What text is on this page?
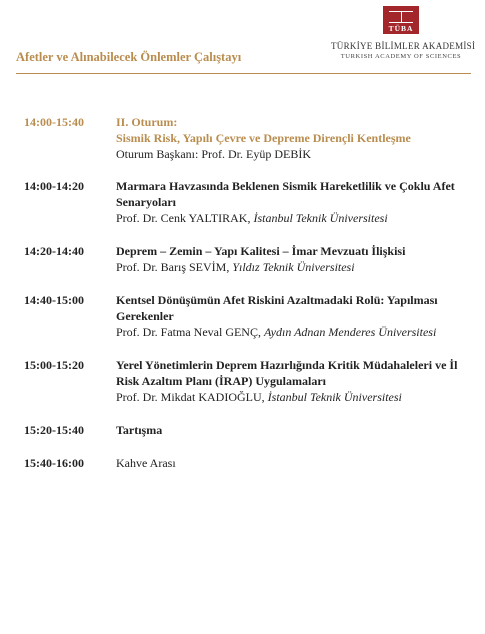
Afetler ve Alınabilecek Önlemler Çalıştayı
TÜBA
TÜRKİYE BİLİMLER AKADEMİSİ
TURKISH ACADEMY OF SCIENCES
14:00-15:40	II. Oturum:
Sismik Risk, Yapılı Çevre ve Depreme Dirençli Kentleşme
Oturum Başkanı: Prof. Dr. Eyüp DEBİK
14:00-14:20	Marmara Havzasında Beklenen Sismik Hareketlilik ve Çoklu Afet Senaryoları
Prof. Dr. Cenk YALTIRAK, İstanbul Teknik Üniversitesi
14:20-14:40	Deprem – Zemin – Yapı Kalitesi – İmar Mevzuatı İlişkisi
Prof. Dr. Barış SEVİM, Yıldız Teknik Üniversitesi
14:40-15:00	Kentsel Dönüşümün Afet Riskini Azaltmadaki Rolü: Yapılması Gerekenler
Prof. Dr. Fatma Neval GENÇ, Aydın Adnan Menderes Üniversitesi
15:00-15:20	Yerel Yönetimlerin Deprem Hazırlığında Kritik Müdahaleleri ve İl Risk Azaltım Planı (İRAP) Uygulamaları
Prof. Dr. Mikdat KADIOĞLU, İstanbul Teknik Üniversitesi
15:20-15:40	Tartışma
15:40-16:00	Kahve Arası
